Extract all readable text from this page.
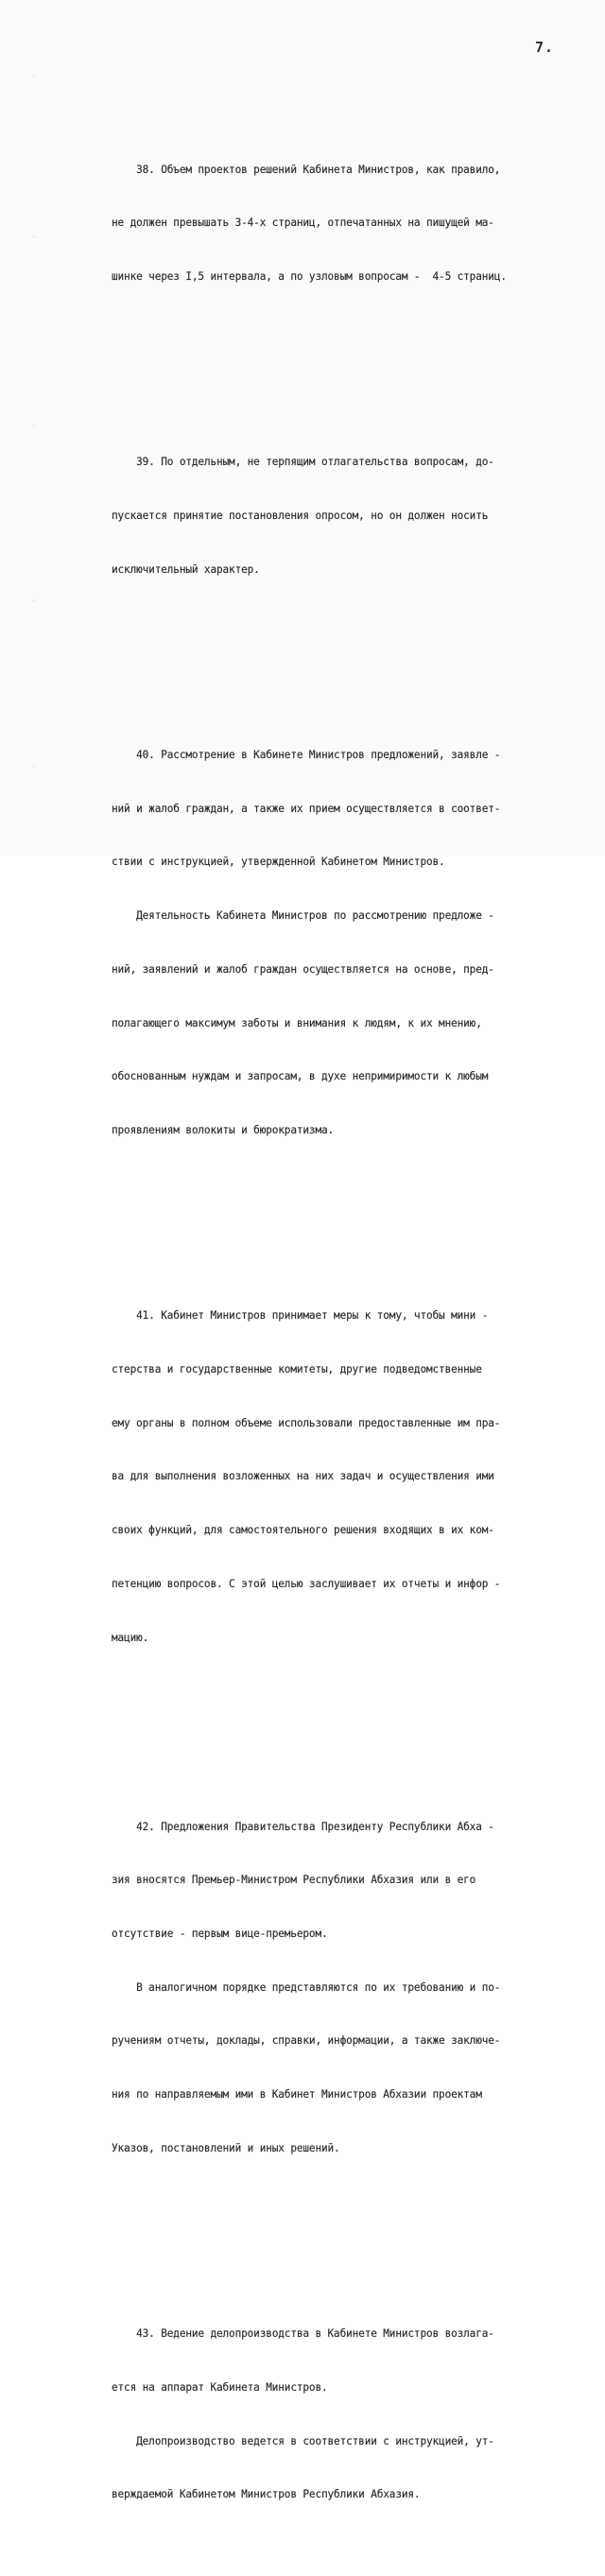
◦
◦
◦
◦
◦
7.

38. Объем проектов решений Кабинета Министров, как правило,

не должен превышать 3-4-х страниц, отпечатанных на пишущей ма-

шинке через I,5 интервала, а по узловым вопросам -  4-5 страниц.

39. По отдельным, не терпящим отлагательства вопросам, до-

пускается принятие постановления опросом, но он должен носить

исключительный характер.

40. Рассмотрение в Кабинете Министров предложений, заявле -

ний и жалоб граждан, а также их прием осуществляется в соответ-

ствии с инструкцией, утвержденной Кабинетом Министров.

Деятельность Кабинета Министров по рассмотрению предложе -

ний, заявлений и жалоб граждан осуществляется на основе, пред-

полагающего максимум заботы и внимания к людям, к их мнению,

обоснованным нуждам и запросам, в духе непримиримости к любым

проявлениям волокиты и бюрократизма.

41. Кабинет Министров принимает меры к тому, чтобы мини -

стерства и государственные комитеты, другие подведомственные

ему органы в полном объеме использовали предоставленные им пра-

ва для выполнения возложенных на них задач и осуществления ими

своих функций, для самостоятельного решения входящих в их ком-

петенцию вопросов. С этой целью заслушивает их отчеты и инфор -

мацию.

42. Предложения Правительства Президенту Республики Абха -

зия вносятся Премьер-Министром Республики Абхазия или в его

отсутствие - первым вице-премьером.

В аналогичном порядке представляются по их требованию и по-

ручениям отчеты, доклады, справки, информации, а также заключе-

ния по направляемым ими в Кабинет Министров Абхазии проектам

Указов, постановлений и иных решений.

43. Ведение делопроизводства в Кабинете Министров возлага-

ется на аппарат Кабинета Министров.

Делопроизводство ведется в соответствии с инструкцией, ут-

верждаемой Кабинетом Министров Республики Абхазия.
